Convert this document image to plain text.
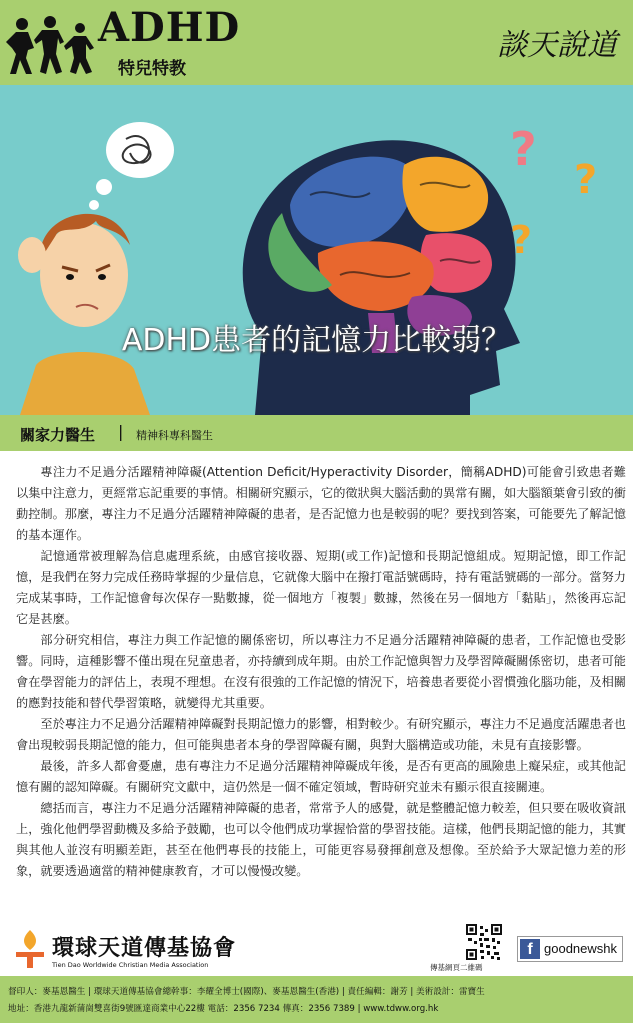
ADHD
特兒特教
談天說道
?
?
?
ADHD患者的記憶力比較弱？
關家力醫生 | 精神科專科醫生

專注力不足過分活躍精神障礙(Attention Deficit/Hyperactivity Disorder，簡稱ADHD)可能會引致患者難以集中注意力，更經常忘記重要的事情。相關研究顯示，它的徵狀與大腦活動的異常有關，如大腦額葉會引致的衝動控制。那麼，專注力不足過分活躍精神障礙的患者，是否記憶力也是較弱的呢？要找到答案，可能要先了解記憶的基本運作。

記憶通常被理解為信息處理系統，由感官接收器、短期(或工作)記憶和長期記憶組成。短期記憶，即工作記憶，是我們在努力完成任務時掌握的少量信息，它就像大腦中在撥打電話號碼時，持有電話號碼的一部分。當努力完成某事時，工作記憶會每次保存一點數據，從一個地方「複製」數據，然後在另一個地方「黏貼」，然後再忘記它是甚麼。

部分研究相信，專注力與工作記憶的關係密切，所以專注力不足過分活躍精神障礙的患者，工作記憶也受影響。同時，這種影響不僅出現在兒童患者，亦持續到成年期。由於工作記憶與智力及學習障礙關係密切，患者可能會在學習能力的評估上，表現不理想。在沒有很強的工作記憶的情況下，培養患者要從小習慣強化腦功能，及相關的應對技能和替代學習策略，就變得尤其重要。

至於專注力不足過分活躍精神障礙對長期記憶力的影響，相對較少。有研究顯示，專注力不足過度活躍患者也會出現較弱長期記憶的能力，但可能與患者本身的學習障礙有關，與對大腦構造或功能，未見有直接影響。

最後，許多人都會憂慮，患有專注力不足過分活躍精神障礙成年後，是否有更高的風險患上癡呆症，或其他記憶有關的認知障礙。有關研究文獻中，這仍然是一個不確定領域，暫時研究並未有顯示很直接關連。

總括而言，專注力不足過分活躍精神障礙的患者，常常予人的感覺，就是整體記憶力較差，但只要在吸收資訊上，強化他們學習動機及多給予鼓勵，也可以令他們成功掌握恰當的學習技能。這樣，他們長期記憶的能力，其實與其他人並沒有明顯差距，甚至在他們專長的技能上，可能更容易發揮創意及想像。至於給予大眾記憶力差的形象，就要透過適當的精神健康教育，才可以慢慢改變。

環球天道傳基協會
Tien Dao Worldwide Christian Media Association	傳基網頁二維碼
f goodnewshk
督印人：麥基恩醫生 | 環球天道傳基協會總幹事：李耀全博士(國際)、麥基恩醫生(香港) | 責任編輯：謝芳 | 美術設計：雷寶生
地址：香港九龍新蒲崗雙喜街9號匯達商業中心22樓 電話：2356 7234 傳真：2356 7389 | www.tdww.org.hk
